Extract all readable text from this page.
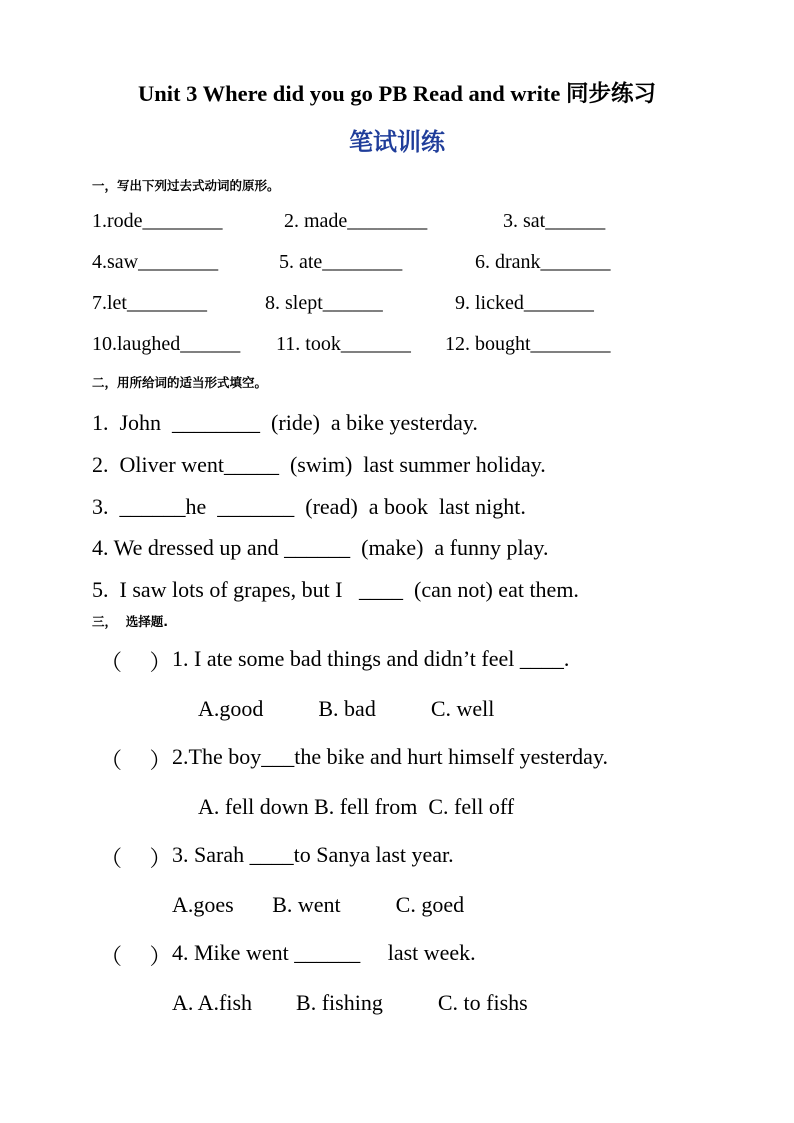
Unit 3 Where did you go PB Read and write 同步练习
笔试训练
一，写出下列过去式动词的原形。
1.rode________	2. made________	3. sat______
4.saw________	5. ate________	6. drank_______
7.let________	8. slept______	9. licked_______
10.laughed______ 11. took_______ 12. bought________
二，用所给词的适当形式填空。
1.  John  ________  (ride)  a bike yesterday.
2.  Oliver went_____  (swim)  last summer holiday.
3.  ______he  _______  (read)  a book  last night.
4. We dressed up and ______  (make)  a funny play.
5.  I saw lots of grapes, but I   ____  (can not) eat them.
三，  选择题.
（     ） 1. I ate some bad things and didn’t feel ____.
A.good          B. bad          C. well
（     ） 2.The boy___the bike and hurt himself yesterday.
A. fell down B. fell from  C. fell off
（     ） 3. Sarah ____to Sanya last year.
A.goes       B. went          C. goed
（     ） 4. Mike went ______     last week.
A. A.fish        B. fishing          C. to fishs
